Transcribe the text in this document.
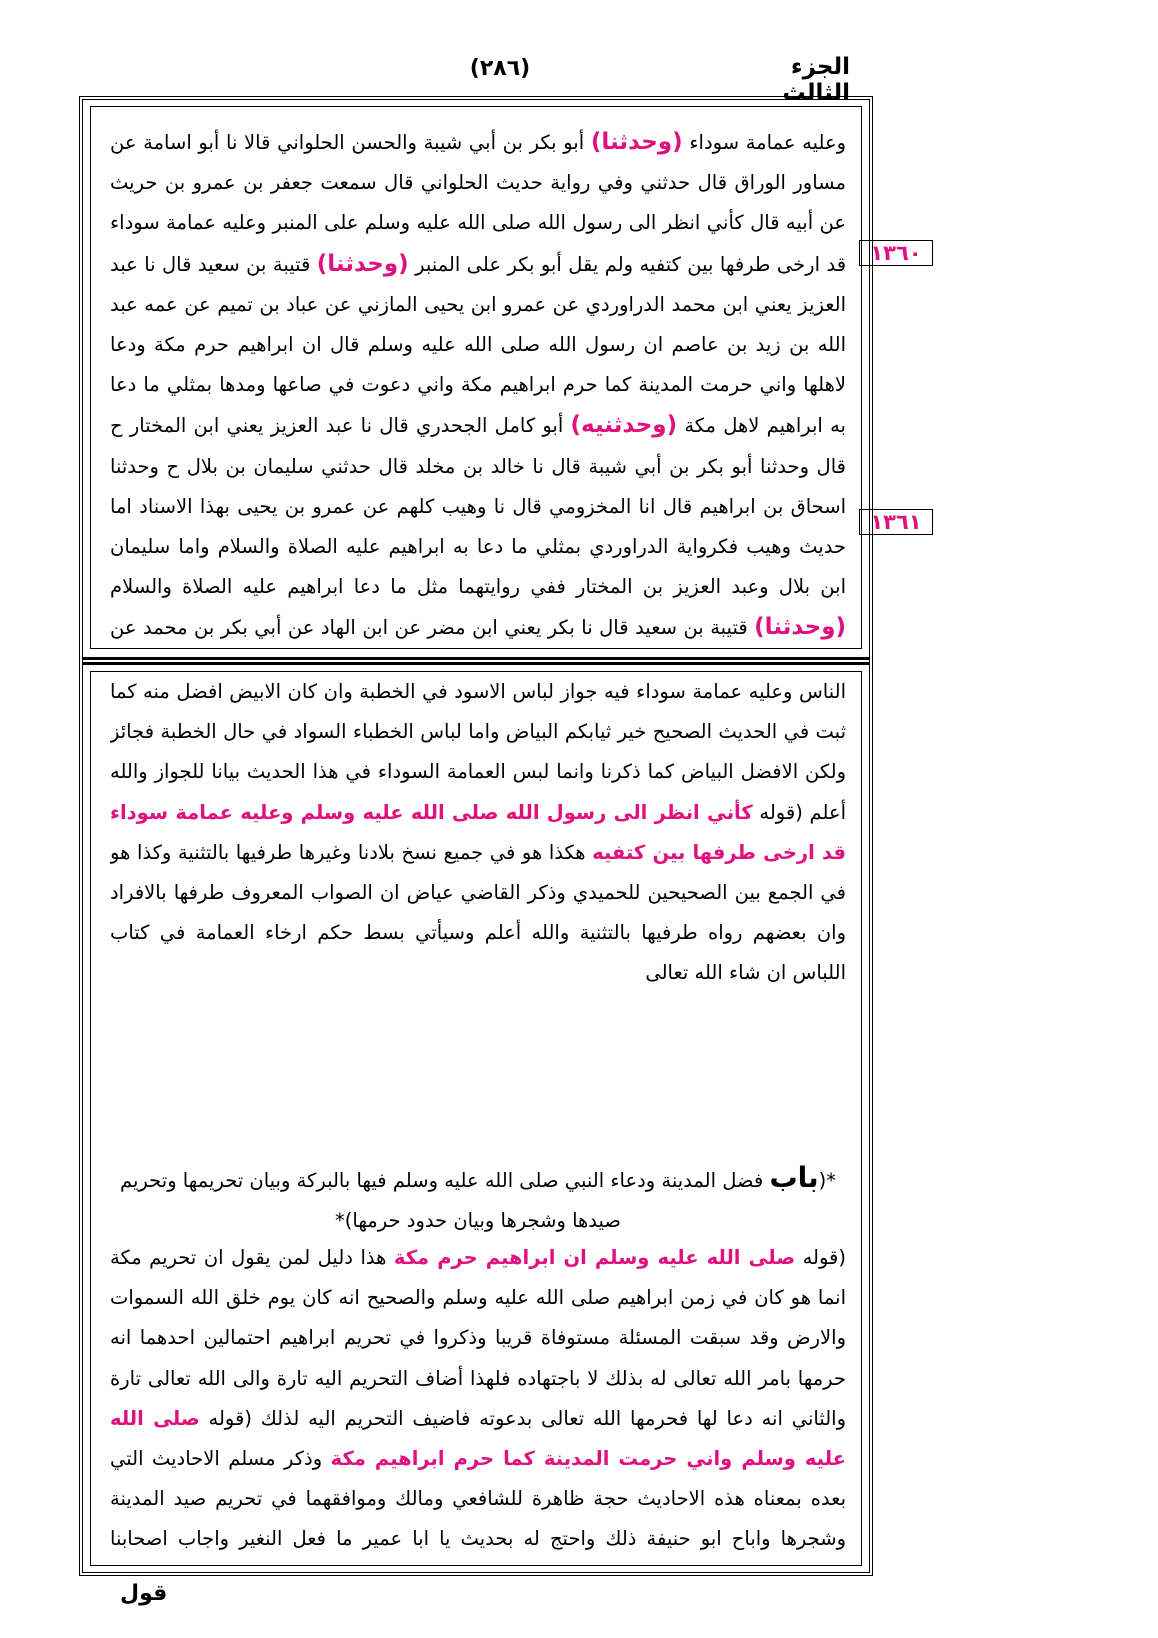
الجزء الثالث
(٢٨٦)
١٣٦٠
١٣٦١
وعليه عمامة سوداء (وحدثنا) أبو بكر بن أبي شيبة والحسن الحلواني قالا نا أبو اسامة عن مساور الوراق قال حدثني وفي رواية حديث الحلواني قال سمعت جعفر بن عمرو بن حريث عن أبيه قال كأني انظر الى رسول الله صلى الله عليه وسلم على المنبر وعليه عمامة سوداء قد ارخى طرفها بين كتفيه ولم يقل أبو بكر على المنبر (وحدثنا) قتيبة بن سعيد قال نا عبد العزيز يعني ابن محمد الدراوردي عن عمرو ابن يحيى المازني عن عباد بن تميم عن عمه عبد الله بن زيد بن عاصم ان رسول الله صلى الله عليه وسلم قال ان ابراهيم حرم مكة ودعا لاهلها واني حرمت المدينة كما حرم ابراهيم مكة واني دعوت في صاعها ومدها بمثلي ما دعا به ابراهيم لاهل مكة (وحدثنيه) أبو كامل الجحدري قال نا عبد العزيز يعني ابن المختار ح قال وحدثنا أبو بكر بن أبي شيبة قال نا خالد بن مخلد قال حدثني سليمان بن بلال ح وحدثنا اسحاق بن ابراهيم قال انا المخزومي قال نا وهيب كلهم عن عمرو بن يحيى بهذا الاسناد اما حديث وهيب فكرواية الدراوردي بمثلي ما دعا به ابراهيم عليه الصلاة والسلام واما سليمان ابن بلال وعبد العزيز بن المختار ففي روايتهما مثل ما دعا ابراهيم عليه الصلاة والسلام (وحدثنا) قتيبة بن سعيد قال نا بكر يعني ابن مضر عن ابن الهاد عن أبي بكر بن محمد عن
الناس وعليه عمامة سوداء فيه جواز لباس الاسود في الخطبة وان كان الابيض افضل منه كما ثبت في الحديث الصحيح خير ثيابكم البياض واما لباس الخطباء السواد في حال الخطبة فجائز ولكن الافضل البياض كما ذكرنا وانما لبس العمامة السوداء في هذا الحديث بيانا للجواز والله أعلم (قوله كأني انظر الى رسول الله صلى الله عليه وسلم وعليه عمامة سوداء قد ارخى طرفها بين كتفيه هكذا هو في جميع نسخ بلادنا وغيرها طرفيها بالتثنية وكذا هو في الجمع بين الصحيحين للحميدي وذكر القاضي عياض ان الصواب المعروف طرفها بالافراد وان بعضهم رواه طرفيها بالتثنية والله أعلم وسيأتي بسط حكم ارخاء العمامة في كتاب اللباس ان شاء الله تعالى
*(باب فضل المدينة ودعاء النبي صلى الله عليه وسلم فيها بالبركة وبيان تحريمها وتحريم صيدها وشجرها وبيان حدود حرمها)*
(قوله صلى الله عليه وسلم ان ابراهيم حرم مكة هذا دليل لمن يقول ان تحريم مكة انما هو كان في زمن ابراهيم صلى الله عليه وسلم والصحيح انه كان يوم خلق الله السموات والارض وقد سبقت المسئلة مستوفاة قريبا وذكروا في تحريم ابراهيم احتمالين احدهما انه حرمها بامر الله تعالى له بذلك لا باجتهاده فلهذا أضاف التحريم اليه تارة والى الله تعالى تارة والثاني انه دعا لها فحرمها الله تعالى بدعوته فاضيف التحريم اليه لذلك (قوله صلى الله عليه وسلم واني حرمت المدينة كما حرم ابراهيم مكة وذكر مسلم الاحاديث التي بعده بمعناه هذه الاحاديث حجة ظاهرة للشافعي ومالك وموافقهما في تحريم صيد المدينة وشجرها واباح ابو حنيفة ذلك واحتج له بحديث يا ابا عمير ما فعل النغير واجاب اصحابنا
قول
